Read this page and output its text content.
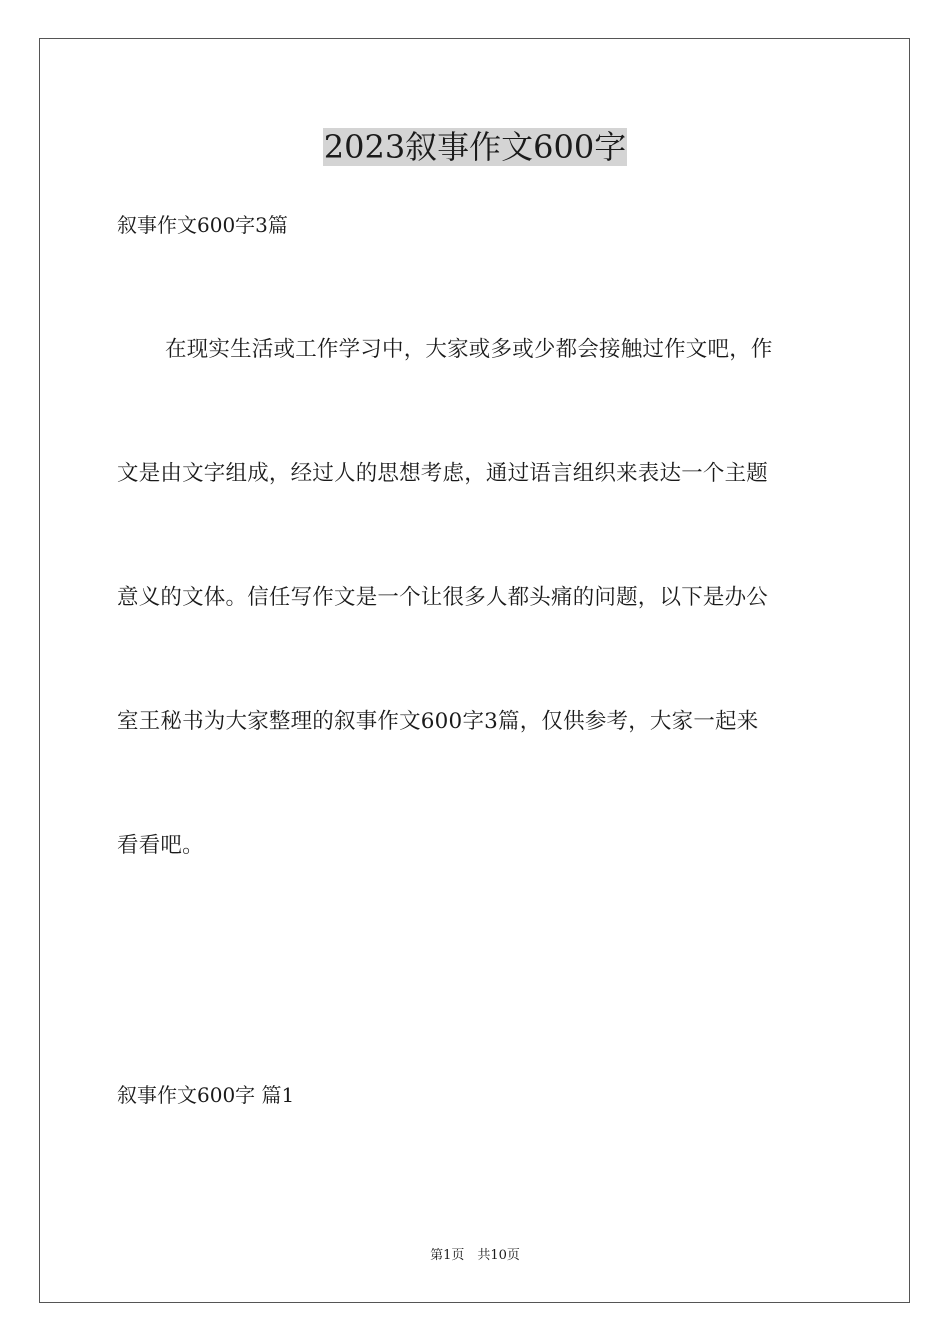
2023叙事作文600字
叙事作文600字3篇
在现实生活或工作学习中，大家或多或少都会接触过作文吧，作
文是由文字组成，经过人的思想考虑，通过语言组织来表达一个主题
意义的文体。信任写作文是一个让很多人都头痛的问题，以下是办公
室王秘书为大家整理的叙事作文600字3篇，仅供参考，大家一起来
看看吧。
叙事作文600字 篇1
第1页　共10页
